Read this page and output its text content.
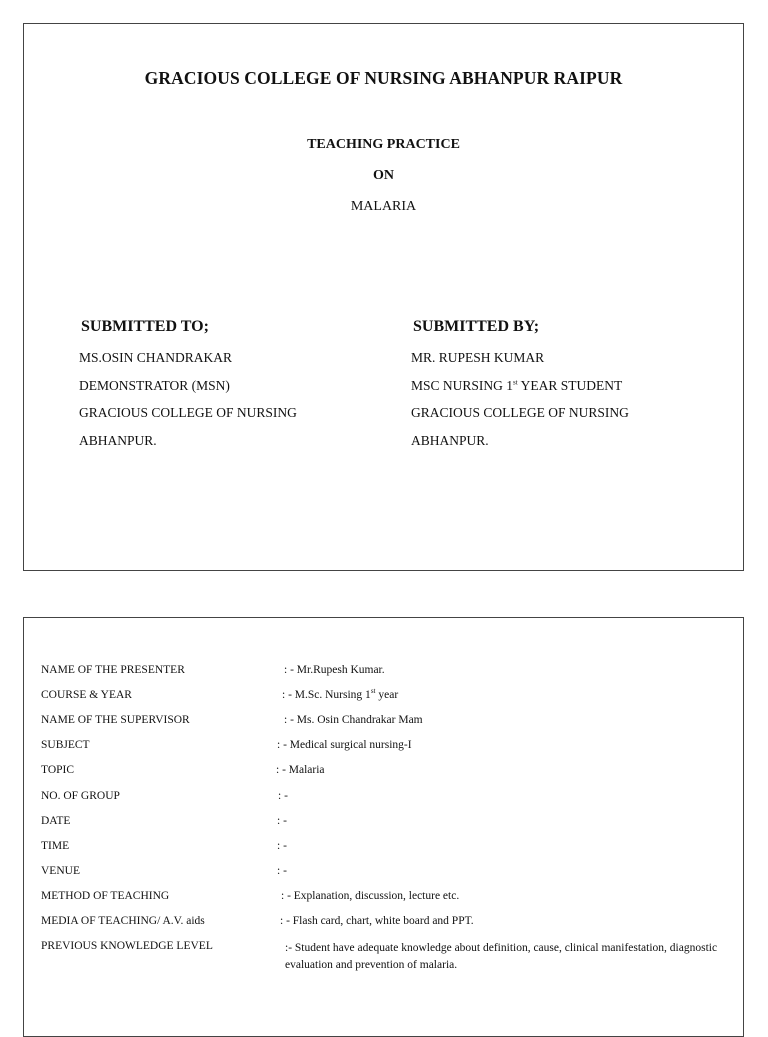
GRACIOUS COLLEGE OF NURSING ABHANPUR RAIPUR
TEACHING PRACTICE
ON
MALARIA
SUBMITTED TO;	SUBMITTED BY;
MS.OSIN CHANDRAKAR
DEMONSTRATOR (MSN)
GRACIOUS COLLEGE OF NURSING
ABHANPUR.
MR. RUPESH KUMAR
MSC NURSING 1st YEAR STUDENT
GRACIOUS COLLEGE OF NURSING
ABHANPUR.
NAME OF THE PRESENTER	: - Mr.Rupesh Kumar.
COURSE & YEAR	: - M.Sc. Nursing 1st year
NAME OF THE SUPERVISOR	: - Ms. Osin Chandrakar Mam
SUBJECT	: - Medical surgical nursing-I
TOPIC	: - Malaria
NO. OF GROUP	: -
DATE	: -
TIME	: -
VENUE	: -
METHOD OF TEACHING	: - Explanation, discussion, lecture etc.
MEDIA OF TEACHING/ A.V. aids	: - Flash card, chart, white board and PPT.
PREVIOUS KNOWLEDGE LEVEL	:- Student have adequate knowledge about definition, cause, clinical manifestation, diagnostic evaluation and prevention of malaria.
